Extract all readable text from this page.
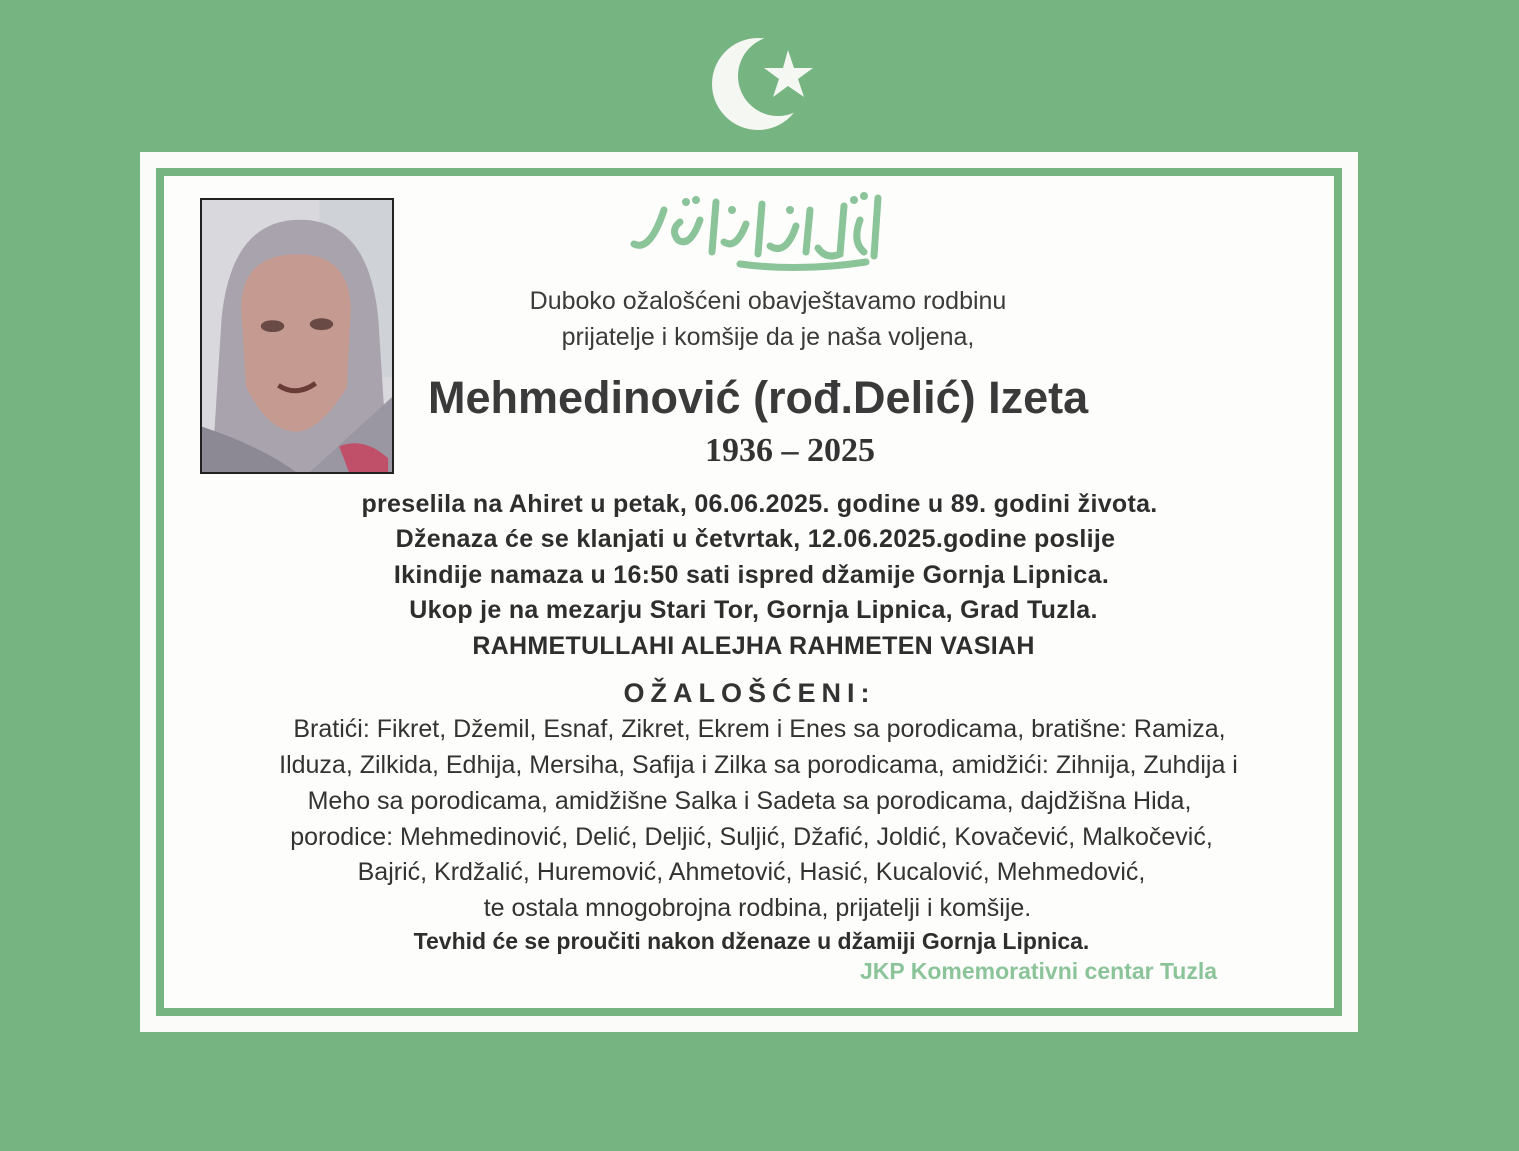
Duboko ožalošćeni obavještavamo rodbinu
prijatelje i komšije da je naša voljena,
Mehmedinović (rođ.Delić) Izeta
1936 – 2025
preselila na Ahiret u petak, 06.06.2025. godine u 89. godini života.
Dženaza će se klanjati u četvrtak, 12.06.2025.godine poslije
Ikindije namaza u 16:50 sati ispred džamije Gornja Lipnica.
Ukop je na mezarju Stari Tor, Gornja Lipnica, Grad Tuzla.
RAHMETULLAHI ALEJHA RAHMETEN VASIAH
OŽALOŠĆENI:
Bratići: Fikret, Džemil, Esnaf, Zikret, Ekrem i Enes sa porodicama, bratišne: Ramiza,
Ilduza, Zilkida, Edhija, Mersiha, Safija i Zilka sa porodicama, amidžići: Zihnija, Zuhdija i
Meho sa porodicama, amidžišne Salka i Sadeta sa porodicama, dajdžišna Hida,
porodice: Mehmedinović, Delić, Deljić, Suljić, Džafić, Joldić, Kovačević, Malkočević,
Bajrić, Krdžalić, Huremović, Ahmetović, Hasić, Kucalović, Mehmedović,
te ostala mnogobrojna rodbina, prijatelji i komšije.
Tevhid će se proučiti nakon dženaze u džamiji Gornja Lipnica.
JKP Komemorativni centar Tuzla
